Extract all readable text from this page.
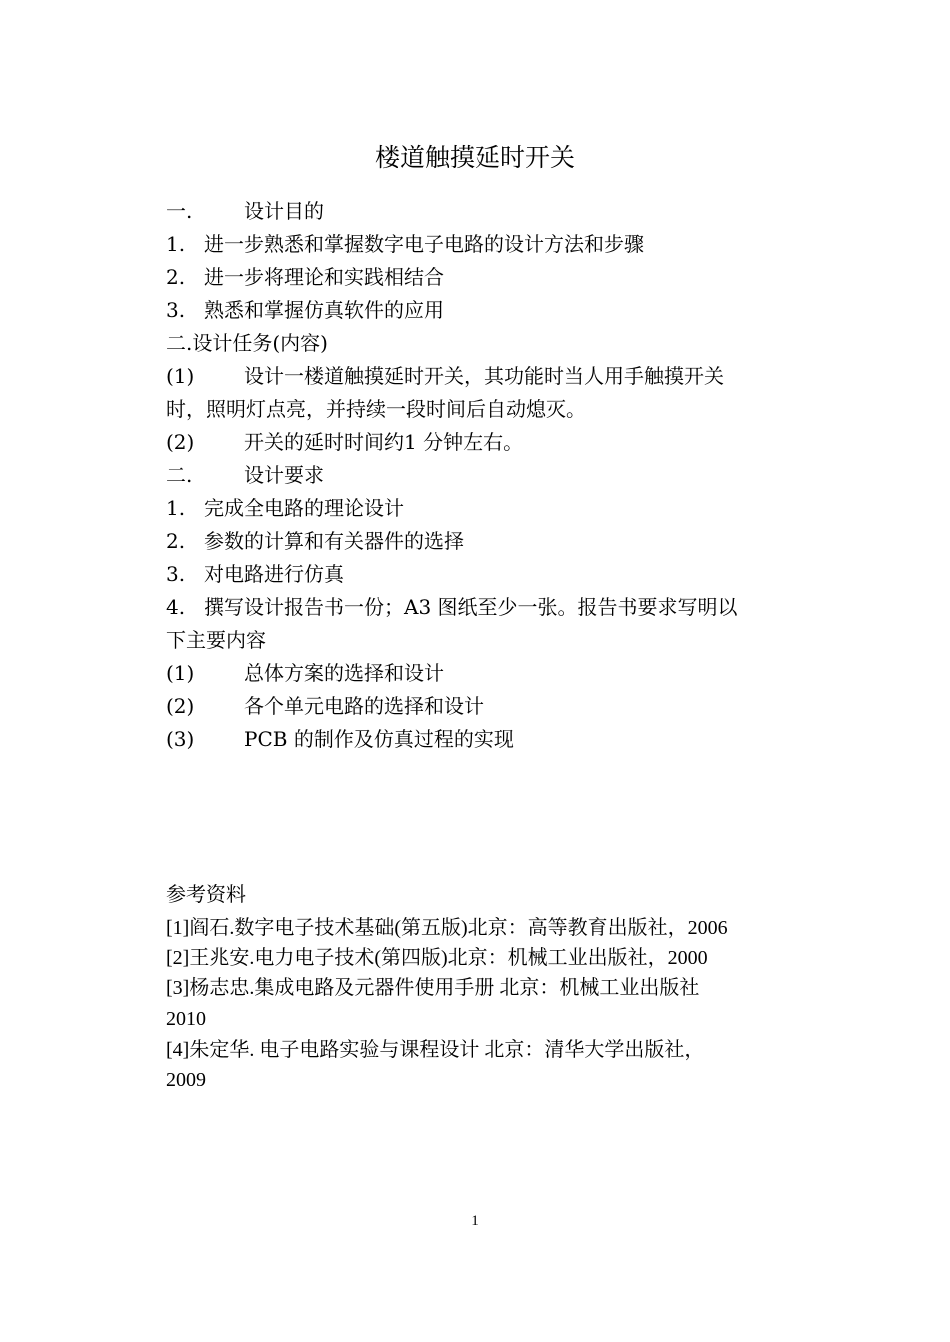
楼道触摸延时开关
一.	设计目的
1. 进一步熟悉和掌握数字电子电路的设计方法和步骤
2. 进一步将理论和实践相结合
3. 熟悉和掌握仿真软件的应用
二.设计任务(内容)
(1) 设计一楼道触摸延时开关，其功能时当人用手触摸开关
时，照明灯点亮，并持续一段时间后自动熄灭。
(2) 开关的延时时间约1 分钟左右。
二.	设计要求
1. 完成全电路的理论设计
2. 参数的计算和有关器件的选择
3. 对电路进行仿真
4. 撰写设计报告书一份；A3 图纸至少一张。报告书要求写明以
下主要内容
(1) 总体方案的选择和设计
(2) 各个单元电路的选择和设计
(3) PCB 的制作及仿真过程的实现
参考资料
[1]阎石.数字电子技术基础(第五版)北京：高等教育出版社，2006
[2]王兆安.电力电子技术(第四版)北京：机械工业出版社，2000
[3]杨志忠.集成电路及元器件使用手册 北京：机械工业出版社
2010
[4]朱定华. 电子电路实验与课程设计 北京：清华大学出版社，
2009
1
